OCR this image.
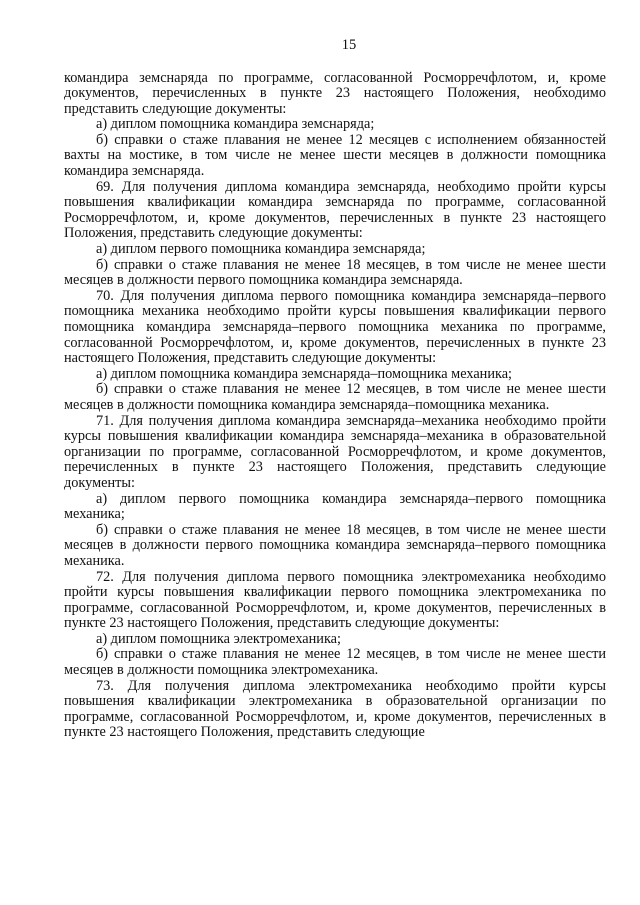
15

командира земснаряда по программе, согласованной Росморречфлотом, и, кроме документов, перечисленных в пункте 23 настоящего Положения, необходимо представить следующие документы:

а) диплом помощника командира земснаряда;

б) справки о стаже плавания не менее 12 месяцев с исполнением обязанностей вахты на мостике, в том числе не менее шести месяцев в должности помощника командира земснаряда.

69. Для получения диплома командира земснаряда, необходимо пройти курсы повышения квалификации командира земснаряда по программе, согласованной Росморречфлотом, и, кроме документов, перечисленных в пункте 23 настоящего Положения, представить следующие документы:

а) диплом первого помощника командира земснаряда;

б) справки о стаже плавания не менее 18 месяцев, в том числе не менее шести месяцев в должности первого помощника командира земснаряда.

70. Для получения диплома первого помощника командира земснаряда–первого помощника механика необходимо пройти курсы повышения квалификации первого помощника командира земснаряда–первого помощника механика по программе, согласованной Росморречфлотом, и, кроме документов, перечисленных в пункте 23 настоящего Положения, представить следующие документы:

а) диплом помощника командира земснаряда–помощника механика;

б) справки о стаже плавания не менее 12 месяцев, в том числе не менее шести месяцев в должности помощника командира земснаряда–помощника механика.

71. Для получения диплома командира земснаряда–механика необходимо пройти курсы повышения квалификации командира земснаряда–механика в образовательной организации по программе, согласованной Росморречфлотом, и кроме документов, перечисленных в пункте 23 настоящего Положения, представить следующие документы:

а) диплом первого помощника командира земснаряда–первого помощника механика;

б) справки о стаже плавания не менее 18 месяцев, в том числе не менее шести месяцев в должности первого помощника командира земснаряда–первого помощника механика.

72. Для получения диплома первого помощника электромеханика необходимо пройти курсы повышения квалификации первого помощника электромеханика по программе, согласованной Росморречфлотом, и, кроме документов, перечисленных в пункте 23 настоящего Положения, представить следующие документы:

а) диплом помощника электромеханика;

б) справки о стаже плавания не менее 12 месяцев, в том числе не менее шести месяцев в должности помощника электромеханика.

73. Для получения диплома электромеханика необходимо пройти курсы повышения квалификации электромеханика в образовательной организации по программе, согласованной Росморречфлотом, и, кроме документов, перечисленных в пункте 23 настоящего Положения, представить следующие
